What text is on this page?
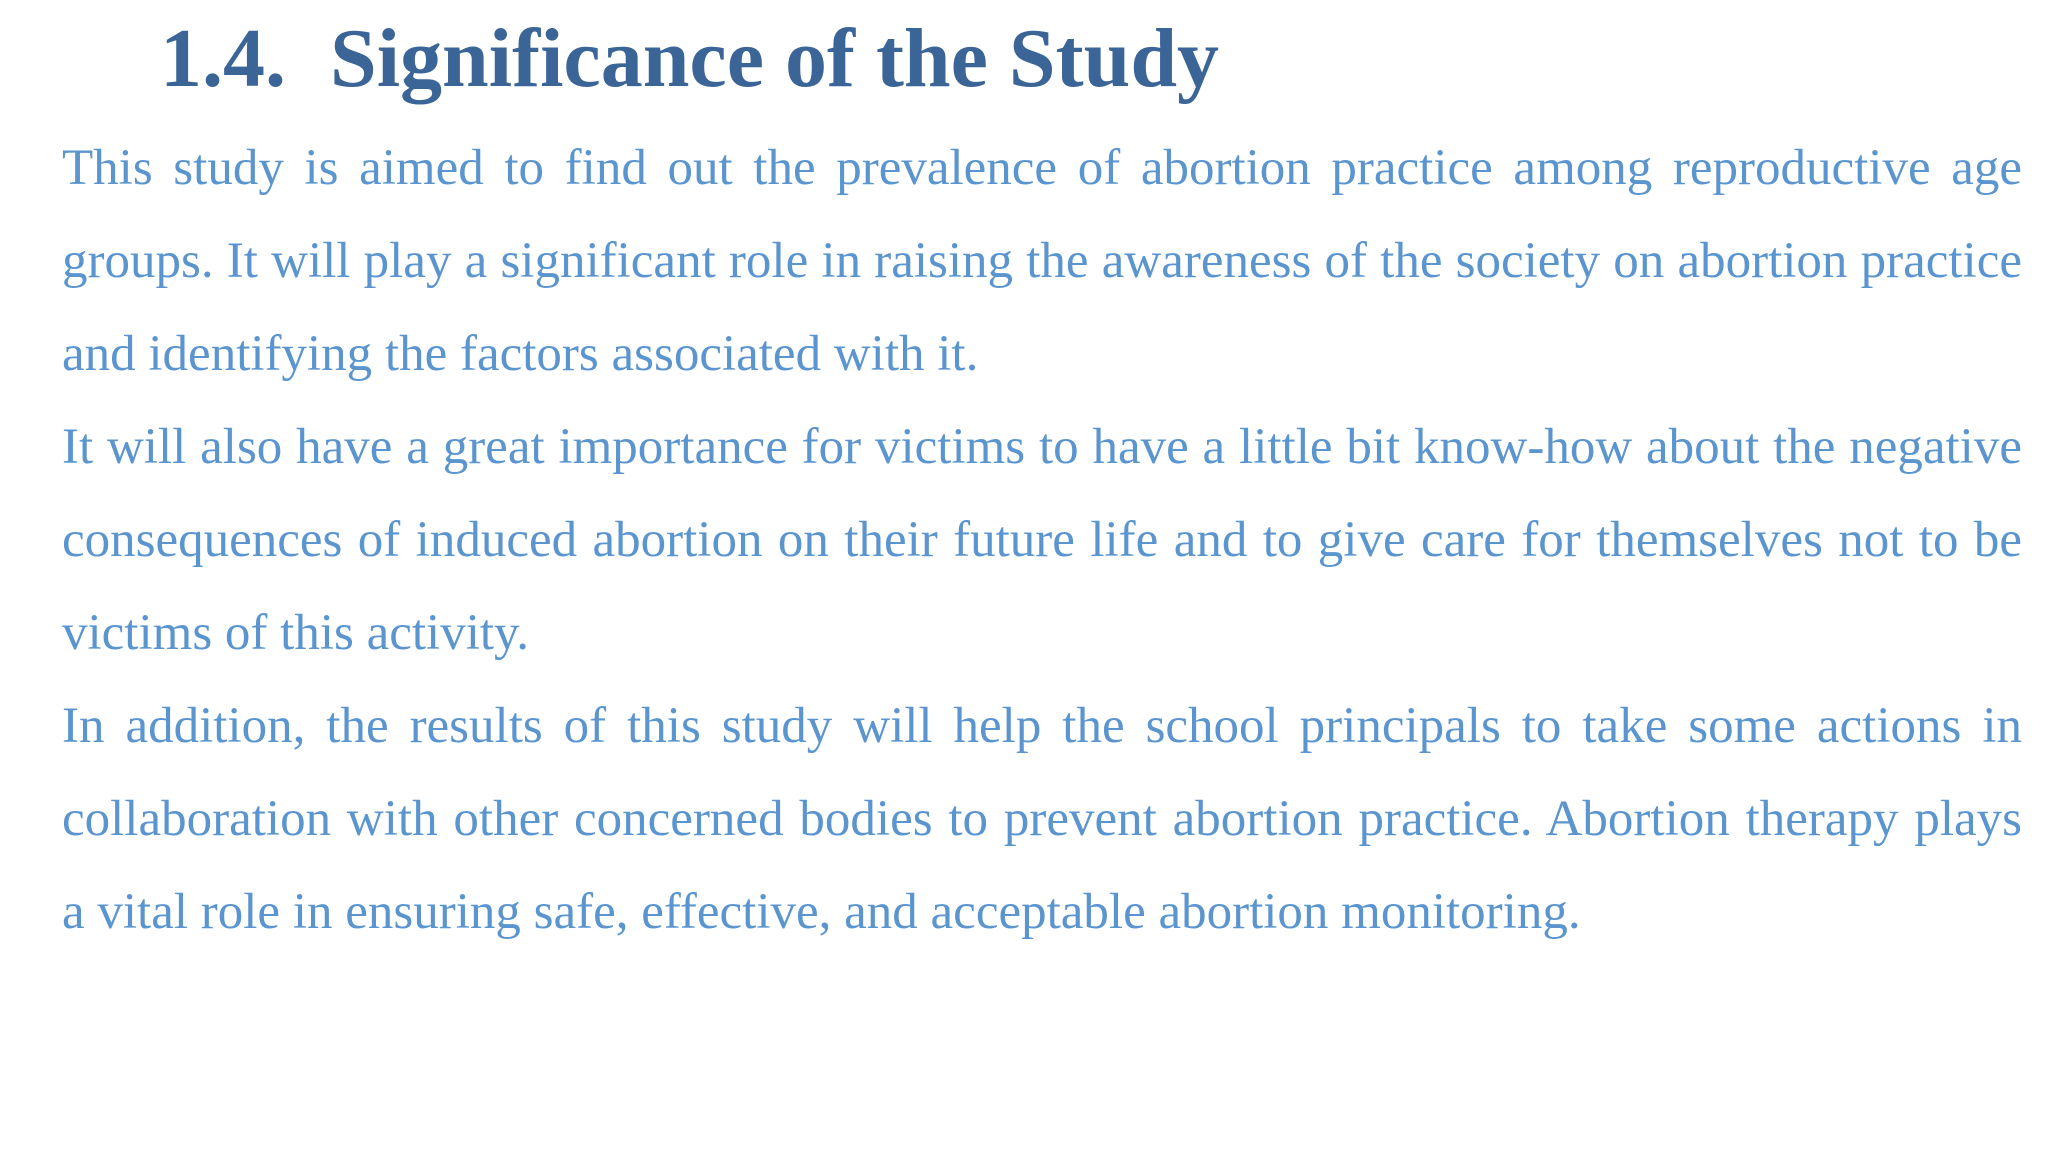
1.4. Significance of the Study

This study is aimed to find out the prevalence of abortion practice among reproductive age groups. It will play a significant role in raising the awareness of the society on abortion practice and identifying the factors associated with it.

It will also have a great importance for victims to have a little bit know-how about the negative consequences of induced abortion on their future life and to give care for themselves not to be victims of this activity.

In addition, the results of this study will help the school principals to take some actions in collaboration with other concerned bodies to prevent abortion practice. Abortion therapy plays a vital role in ensuring safe, effective, and acceptable abortion monitoring.
